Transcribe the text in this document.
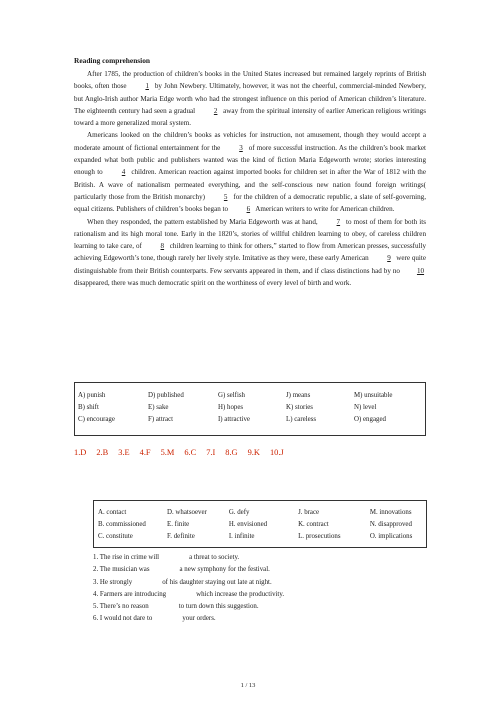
Reading comprehension

After 1785, the production of children’s books in the United States increased but remained largely reprints of British books, often those 1 by John Newbery. Ultimately, however, it was not the cheerful, commercial-minded Newbery, but Anglo-Irish author Maria Edge worth who had the strongest influence on this period of American children’s literature. The eighteenth century had seen a gradual 2 away from the spiritual intensity of earlier American religious writings toward a more generalized moral system.

Americans looked on the children’s books as vehicles for instruction, not amusement, though they would accept a moderate amount of fictional entertainment for the 3 of more successful instruction. As the children’s book market expanded what both public and publishers wanted was the kind of fiction Maria Edgeworth wrote; stories interesting enough to 4 children. American reaction against imported books for children set in after the War of 1812 with the British. A wave of nationalism permeated everything, and the self-conscious new nation found foreign writings( particularly those from the British monarchy) 5 for the children of a democratic republic, a slate of self-governing, equal citizens. Publishers of children’s books began to 6 American writers to write for American children.

When they responded, the pattern established by Maria Edgeworth was at hand, 7 to most of them for both its rationalism and its high moral tone. Early in the 1820’s, stories of willful children learning to obey, of careless children learning to take care, of 8 children learning to think for others,” started to flow from American presses, successfully achieving Edgeworth’s tone, though rarely her lively style. Imitative as they were, these early American 9 were quite distinguishable from their British counterparts. Few servants appeared in them, and if class distinctions had by no 10 disappeared, there was much democratic spirit on the worthiness of every level of birth and work.

A) punish	D) published	G) selfish	J) means	M) unsuitable
B) shift	E) sake	H) hopes	K) stories	N) level
C) encourage	F) attract	I) attractive	L) careless	O) engaged
1.D 2.B 3.E 4.F 5.M 6.C 7.I 8.G 9.K 10.J
A. contact	D. whatsoever	G. defy	J. brace	M. innovations
B. commissioned	E. finite	H. envisioned	K. contract	N. disapproved
C. constitute	F. definite	I. infinite	L. prosecutions	O. implications
1. The rise in crime will	a threat to society.
2. The musician was	a new symphony for the festival.
3. He strongly	of his daughter staying out late at night.
4. Farmers are introducing	which increase the productivity.
5. There’s no reason	to turn down this suggestion.
6. I would not dare to	your orders.
1 / 13
